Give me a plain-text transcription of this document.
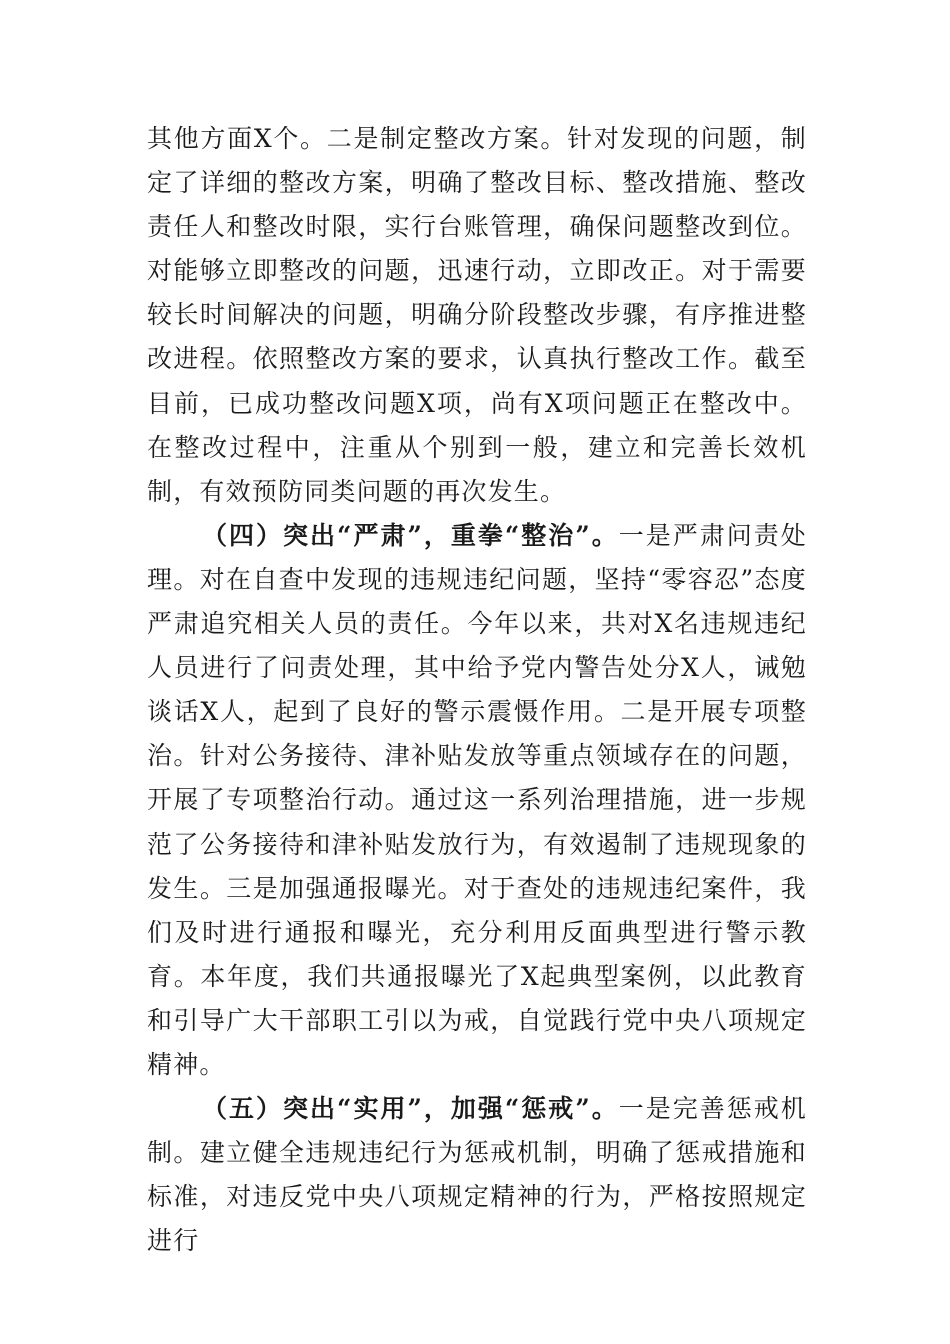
其他方面X个。二是制定整改方案。针对发现的问题，制定了详细的整改方案，明确了整改目标、整改措施、整改责任人和整改时限，实行台账管理，确保问题整改到位。对能够立即整改的问题，迅速行动，立即改正。对于需要较长时间解决的问题，明确分阶段整改步骤，有序推进整改进程。依照整改方案的要求，认真执行整改工作。截至目前，已成功整改问题X项，尚有X项问题正在整改中。在整改过程中，注重从个别到一般，建立和完善长效机制，有效预防同类问题的再次发生。

（四）突出“严肃”，重拳“整治”。一是严肃问责处理。对在自查中发现的违规违纪问题，坚持“零容忍”态度严肃追究相关人员的责任。今年以来，共对X名违规违纪人员进行了问责处理，其中给予党内警告处分X人，诫勉谈话X人，起到了良好的警示震慑作用。二是开展专项整治。针对公务接待、津补贴发放等重点领域存在的问题，开展了专项整治行动。通过这一系列治理措施，进一步规范了公务接待和津补贴发放行为，有效遏制了违规现象的发生。三是加强通报曝光。对于查处的违规违纪案件，我们及时进行通报和曝光，充分利用反面典型进行警示教育。本年度，我们共通报曝光了X起典型案例，以此教育和引导广大干部职工引以为戒，自觉践行党中央八项规定精神。

（五）突出“实用”，加强“惩戒”。一是完善惩戒机制。建立健全违规违纪行为惩戒机制，明确了惩戒措施和标准，对违反党中央八项规定精神的行为，严格按照规定进行
